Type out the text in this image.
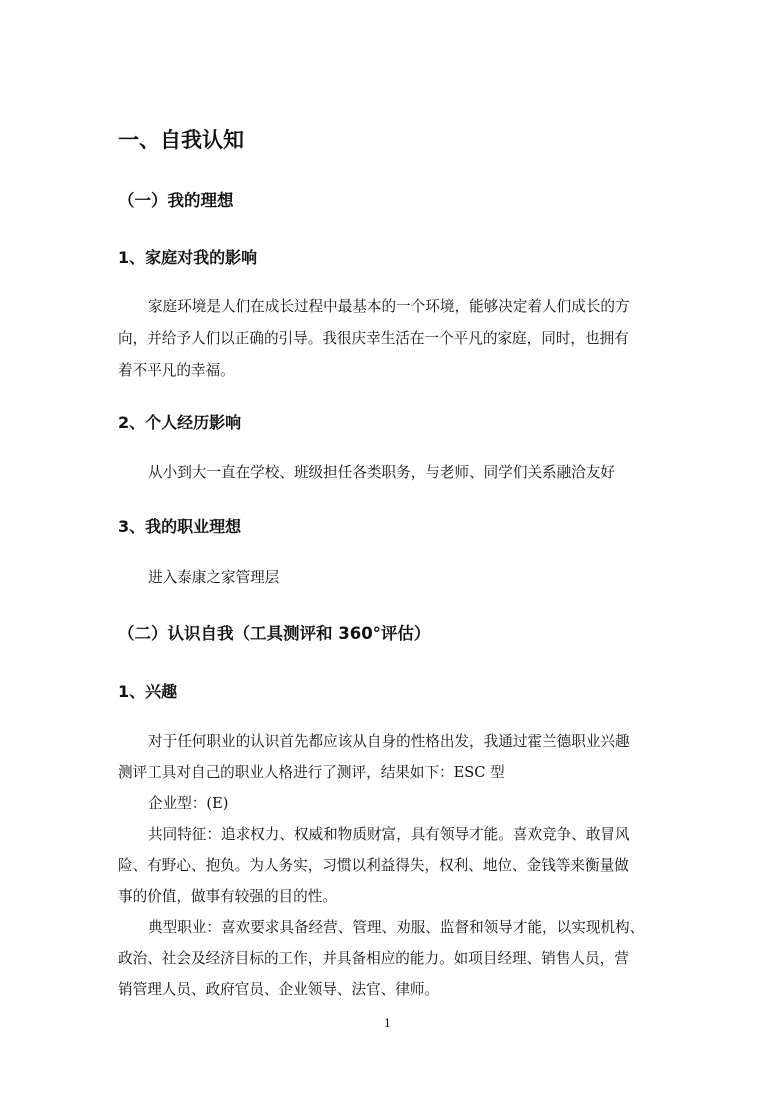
一、自我认知
（一）我的理想
1、家庭对我的影响

家庭环境是人们在成长过程中最基本的一个环境，能够决定着人们成长的方

向，并给予人们以正确的引导。我很庆幸生活在一个平凡的家庭，同时，也拥有

着不平凡的幸福。

2、个人经历影响

从小到大一直在学校、班级担任各类职务，与老师、同学们关系融洽友好

3、我的职业理想

进入泰康之家管理层

（二）认识自我（工具测评和 360°评估）
1、兴趣

对于任何职业的认识首先都应该从自身的性格出发，我通过霍兰德职业兴趣

测评工具对自己的职业人格进行了测评，结果如下：ESC 型

企业型：(E)

共同特征：追求权力、权威和物质财富，具有领导才能。喜欢竞争、敢冒风

险、有野心、抱负。为人务实，习惯以利益得失，权利、地位、金钱等来衡量做

事的价值，做事有较强的目的性。

典型职业：喜欢要求具备经营、管理、劝服、监督和领导才能，以实现机构、

政治、社会及经济目标的工作，并具备相应的能力。如项目经理、销售人员，营

销管理人员、政府官员、企业领导、法官、律师。

1
